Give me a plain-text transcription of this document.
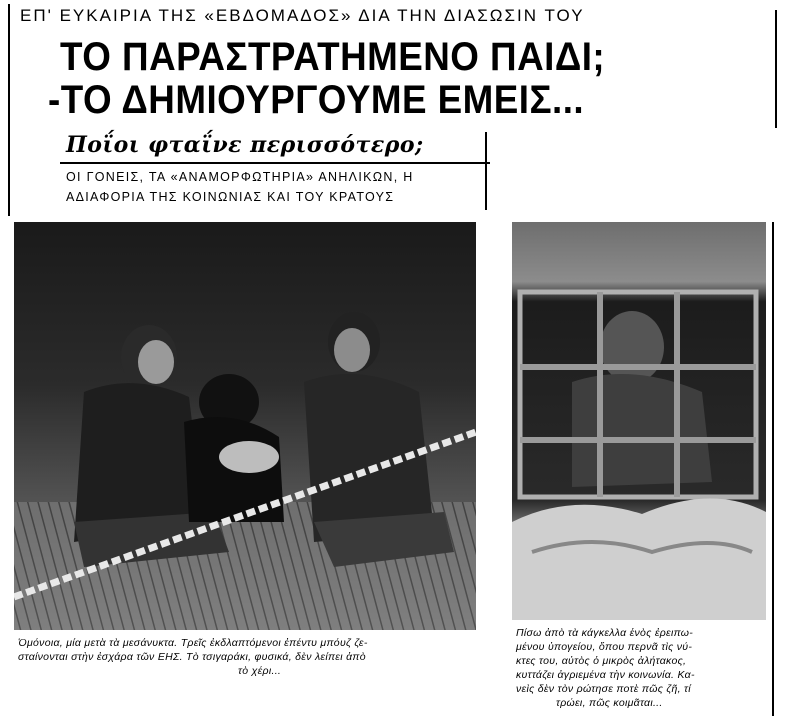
ΕΠ' ΕΥΚΑΙΡΙΑ ΤΗΣ «ΕΒΔΟΜΑΔΟΣ» ΔΙΑ ΤΗΝ ΔΙΑΣΩΣΙΝ ΤΟΥ
ΤΟ ΠΑΡΑΣΤΡΑΤΗΜΕΝΟ ΠΑΙΔΙ;
-ΤΟ ΔΗΜΙΟΥΡΓΟΥΜΕ ΕΜΕΙΣ...
Ποΐοι φταΐνε περισσότερο;
ΟΙ ΓΟΝΕΙΣ, ΤΑ «ΑΝΑΜΟΡΦΩΤΗΡΙΑ» ΑΝΗΛΙΚΩΝ, Η
ΑΔΙΑΦΟΡΙΑ ΤΗΣ ΚΟΙΝΩΝΙΑΣ ΚΑΙ ΤΟΥ ΚΡΑΤΟΥΣ
Ὁμόνοια, μία μετὰ τὰ μεσάνυκτα. Τρεῖς ἐκδλαπτόμενοι ἐπέντυ μπόυζ ζε-
σταίνονται στὴν ἐσχάρα τῶν ΕΗΣ. Τὸ τσιγαράκι, φυσικά, δὲν λείπει ἀπὸ
τὸ χέρι...
Πίσω ἀπὸ τὰ κάγκελλα ἑνὸς ἐρειπω-
μένου ὑπογείου, ὅπου περνᾶ τὶς νύ-
κτες του, αὐτὸς ὁ μικρὸς ἀλήτακος,
κυττάζει ἀγριεμένα τὴν κοινωνία. Κα-
νεὶς δὲν τὸν ρώτησε ποτὲ πῶς ζῆ, τί
τρώει, πῶς κοιμᾶται...
